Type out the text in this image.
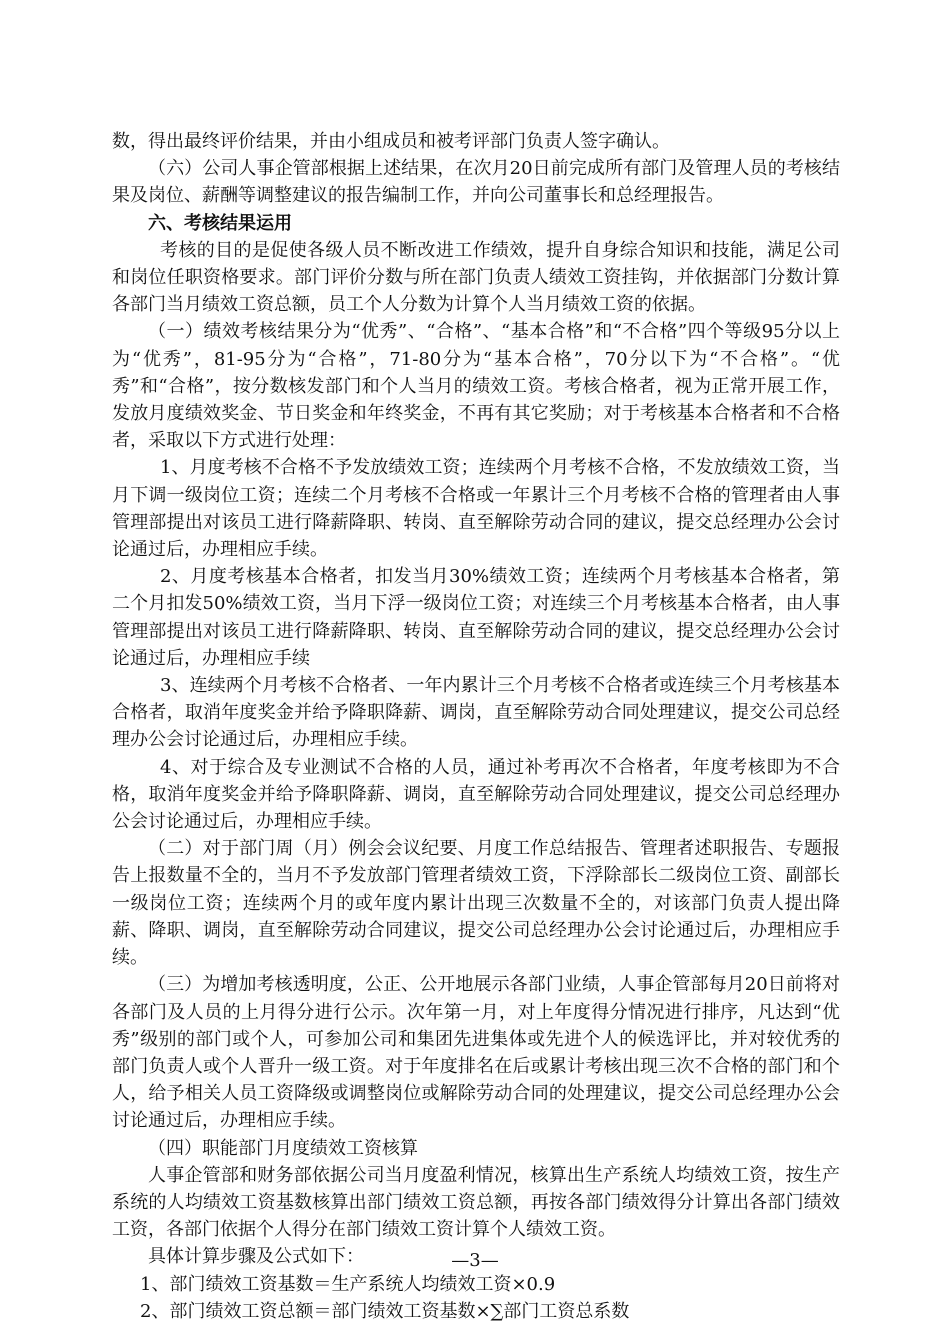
数，得出最终评价结果，并由小组成员和被考评部门负责人签字确认。

（六）公司人事企管部根据上述结果，在次月20日前完成所有部门及管理人员的考核结果及岗位、薪酬等调整建议的报告编制工作，并向公司董事长和总经理报告。

六、考核结果运用

考核的目的是促使各级人员不断改进工作绩效，提升自身综合知识和技能，满足公司和岗位任职资格要求。部门评价分数与所在部门负责人绩效工资挂钩，并依据部门分数计算各部门当月绩效工资总额，员工个人分数为计算个人当月绩效工资的依据。

（一）绩效考核结果分为“优秀”、“合格”、“基本合格”和“不合格”四个等级95分以上为“优秀”，81-95分为“合格”，71-80分为“基本合格”，70分以下为“不合格”。“优秀”和“合格”，按分数核发部门和个人当月的绩效工资。考核合格者，视为正常开展工作，发放月度绩效奖金、节日奖金和年终奖金，不再有其它奖励；对于考核基本合格者和不合格者，采取以下方式进行处理：

1、月度考核不合格不予发放绩效工资；连续两个月考核不合格，不发放绩效工资，当月下调一级岗位工资；连续二个月考核不合格或一年累计三个月考核不合格的管理者由人事管理部提出对该员工进行降薪降职、转岗、直至解除劳动合同的建议，提交总经理办公会讨论通过后，办理相应手续。

2、月度考核基本合格者，扣发当月30%绩效工资；连续两个月考核基本合格者，第二个月扣发50%绩效工资，当月下浮一级岗位工资；对连续三个月考核基本合格者，由人事管理部提出对该员工进行降薪降职、转岗、直至解除劳动合同的建议，提交总经理办公会讨论通过后，办理相应手续

3、连续两个月考核不合格者、一年内累计三个月考核不合格者或连续三个月考核基本合格者，取消年度奖金并给予降职降薪、调岗，直至解除劳动合同处理建议，提交公司总经理办公会讨论通过后，办理相应手续。

4、对于综合及专业测试不合格的人员，通过补考再次不合格者，年度考核即为不合格，取消年度奖金并给予降职降薪、调岗，直至解除劳动合同处理建议，提交公司总经理办公会讨论通过后，办理相应手续。

（二）对于部门周（月）例会会议纪要、月度工作总结报告、管理者述职报告、专题报告上报数量不全的，当月不予发放部门管理者绩效工资，下浮除部长二级岗位工资、副部长一级岗位工资；连续两个月的或年度内累计出现三次数量不全的，对该部门负责人提出降薪、降职、调岗，直至解除劳动合同建议，提交公司总经理办公会讨论通过后，办理相应手续。

（三）为增加考核透明度，公正、公开地展示各部门业绩，人事企管部每月20日前将对各部门及人员的上月得分进行公示。次年第一月，对上年度得分情况进行排序，凡达到“优秀”级别的部门或个人，可参加公司和集团先进集体或先进个人的候选评比，并对较优秀的部门负责人或个人晋升一级工资。对于年度排名在后或累计考核出现三次不合格的部门和个人，给予相关人员工资降级或调整岗位或解除劳动合同的处理建议，提交公司总经理办公会讨论通过后，办理相应手续。

（四）职能部门月度绩效工资核算

人事企管部和财务部依据公司当月度盈利情况，核算出生产系统人均绩效工资，按生产系统的人均绩效工资基数核算出部门绩效工资总额，再按各部门绩效得分计算出各部门绩效工资，各部门依据个人得分在部门绩效工资计算个人绩效工资。

具体计算步骤及公式如下：

1、部门绩效工资基数＝生产系统人均绩效工资×0.9

2、部门绩效工资总额＝部门绩效工资基数×∑部门工资总系数

—3—
